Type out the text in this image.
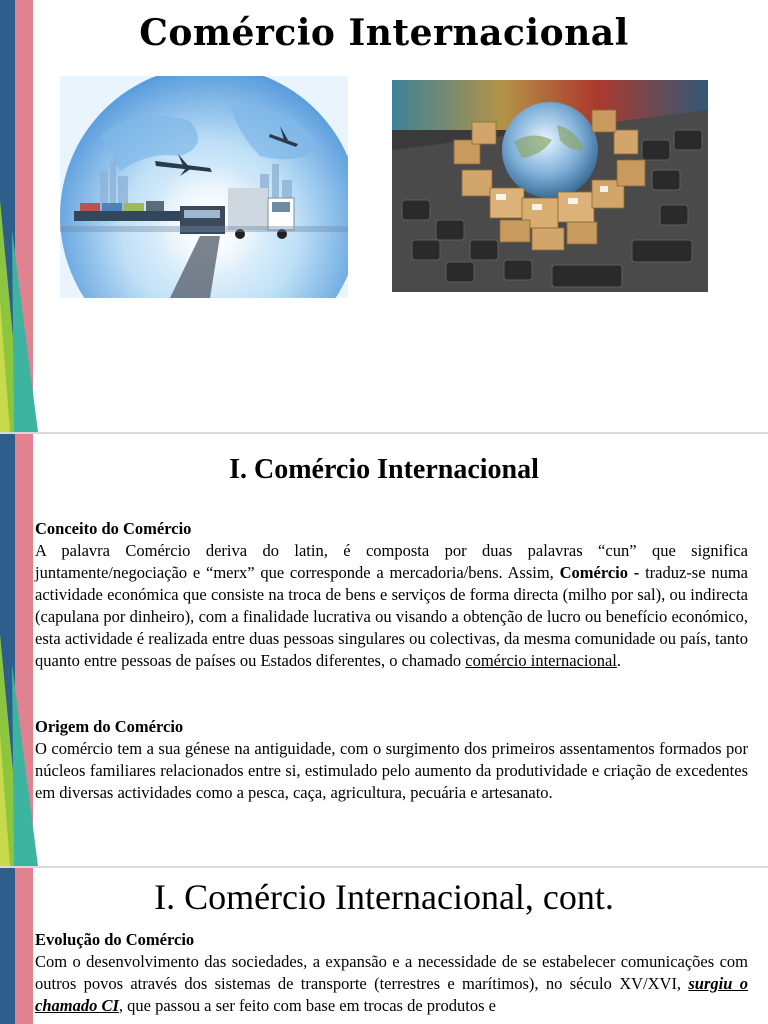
Comércio Internacional
I. Comércio Internacional
Conceito do Comércio
A palavra Comércio deriva do latin, é composta por duas palavras “cun” que significa juntamente/negociação e “merx” que corresponde a mercadoria/bens. Assim, Comércio - traduz-se numa actividade económica que consiste na troca de bens e serviços de forma directa (milho por sal), ou indirecta (capulana por dinheiro), com a finalidade lucrativa ou visando a obtenção de lucro ou benefício económico, esta actividade é realizada entre duas pessoas singulares ou colectivas, da mesma comunidade ou país, tanto quanto entre pessoas de países ou Estados diferentes, o chamado comércio internacional.
Origem do Comércio
O comércio tem a sua génese na antiguidade, com o surgimento dos primeiros assentamentos formados por núcleos familiares relacionados entre si, estimulado pelo aumento da produtividade e criação de excedentes em diversas actividades como a pesca, caça, agricultura, pecuária e artesanato.
I. Comércio Internacional, cont.
Evolução do Comércio
Com o desenvolvimento das sociedades, a expansão e a necessidade de se estabelecer comunicações com outros povos através dos sistemas de transporte (terrestres e marítimos), no século XV/XVI, surgiu o chamado CI, que passou a ser feito com base em trocas de produtos e
